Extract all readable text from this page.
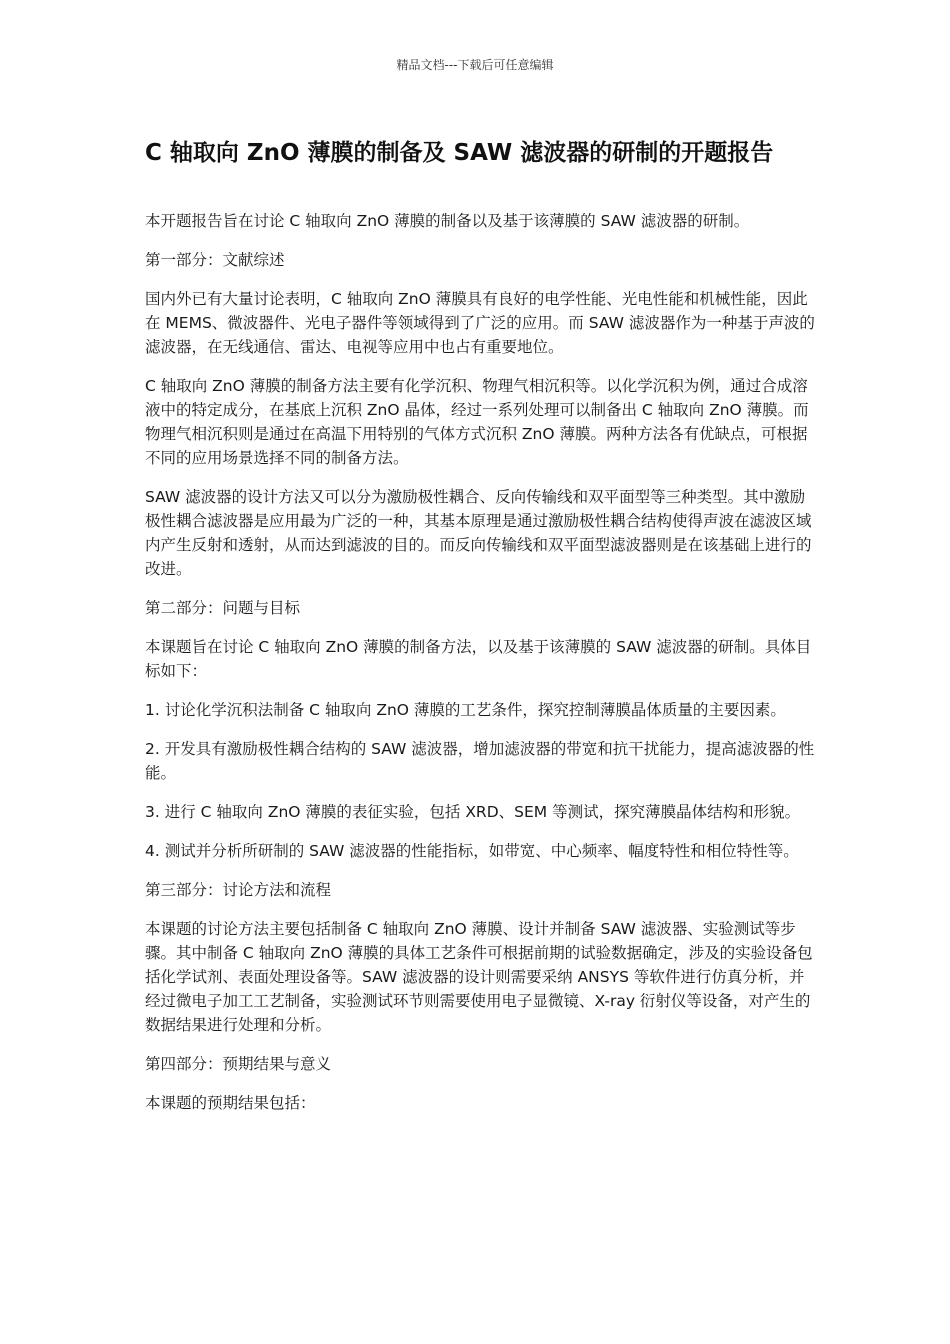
精品文档---下载后可任意编辑
C 轴取向 ZnO 薄膜的制备及 SAW 滤波器的研制的开题报告

本开题报告旨在讨论 C 轴取向 ZnO 薄膜的制备以及基于该薄膜的 SAW 滤波器的研制。

第一部分：文献综述

国内外已有大量讨论表明，C 轴取向 ZnO 薄膜具有良好的电学性能、光电性能和机械性能，因此在 MEMS、微波器件、光电子器件等领域得到了广泛的应用。而 SAW 滤波器作为一种基于声波的滤波器，在无线通信、雷达、电视等应用中也占有重要地位。

C 轴取向 ZnO 薄膜的制备方法主要有化学沉积、物理气相沉积等。以化学沉积为例，通过合成溶液中的特定成分，在基底上沉积 ZnO 晶体，经过一系列处理可以制备出 C 轴取向 ZnO 薄膜。而物理气相沉积则是通过在高温下用特别的气体方式沉积 ZnO 薄膜。两种方法各有优缺点，可根据不同的应用场景选择不同的制备方法。

SAW 滤波器的设计方法又可以分为激励极性耦合、反向传输线和双平面型等三种类型。其中激励极性耦合滤波器是应用最为广泛的一种，其基本原理是通过激励极性耦合结构使得声波在滤波区域内产生反射和透射，从而达到滤波的目的。而反向传输线和双平面型滤波器则是在该基础上进行的改进。

第二部分：问题与目标

本课题旨在讨论 C 轴取向 ZnO 薄膜的制备方法，以及基于该薄膜的 SAW 滤波器的研制。具体目标如下：

1. 讨论化学沉积法制备 C 轴取向 ZnO 薄膜的工艺条件，探究控制薄膜晶体质量的主要因素。

2. 开发具有激励极性耦合结构的 SAW 滤波器，增加滤波器的带宽和抗干扰能力，提高滤波器的性能。

3. 进行 C 轴取向 ZnO 薄膜的表征实验，包括 XRD、SEM 等测试，探究薄膜晶体结构和形貌。

4. 测试并分析所研制的 SAW 滤波器的性能指标，如带宽、中心频率、幅度特性和相位特性等。

第三部分：讨论方法和流程

本课题的讨论方法主要包括制备 C 轴取向 ZnO 薄膜、设计并制备 SAW 滤波器、实验测试等步骤。其中制备 C 轴取向 ZnO 薄膜的具体工艺条件可根据前期的试验数据确定，涉及的实验设备包括化学试剂、表面处理设备等。SAW 滤波器的设计则需要采纳 ANSYS 等软件进行仿真分析，并经过微电子加工工艺制备，实验测试环节则需要使用电子显微镜、X-ray 衍射仪等设备，对产生的数据结果进行处理和分析。

第四部分：预期结果与意义

本课题的预期结果包括：
